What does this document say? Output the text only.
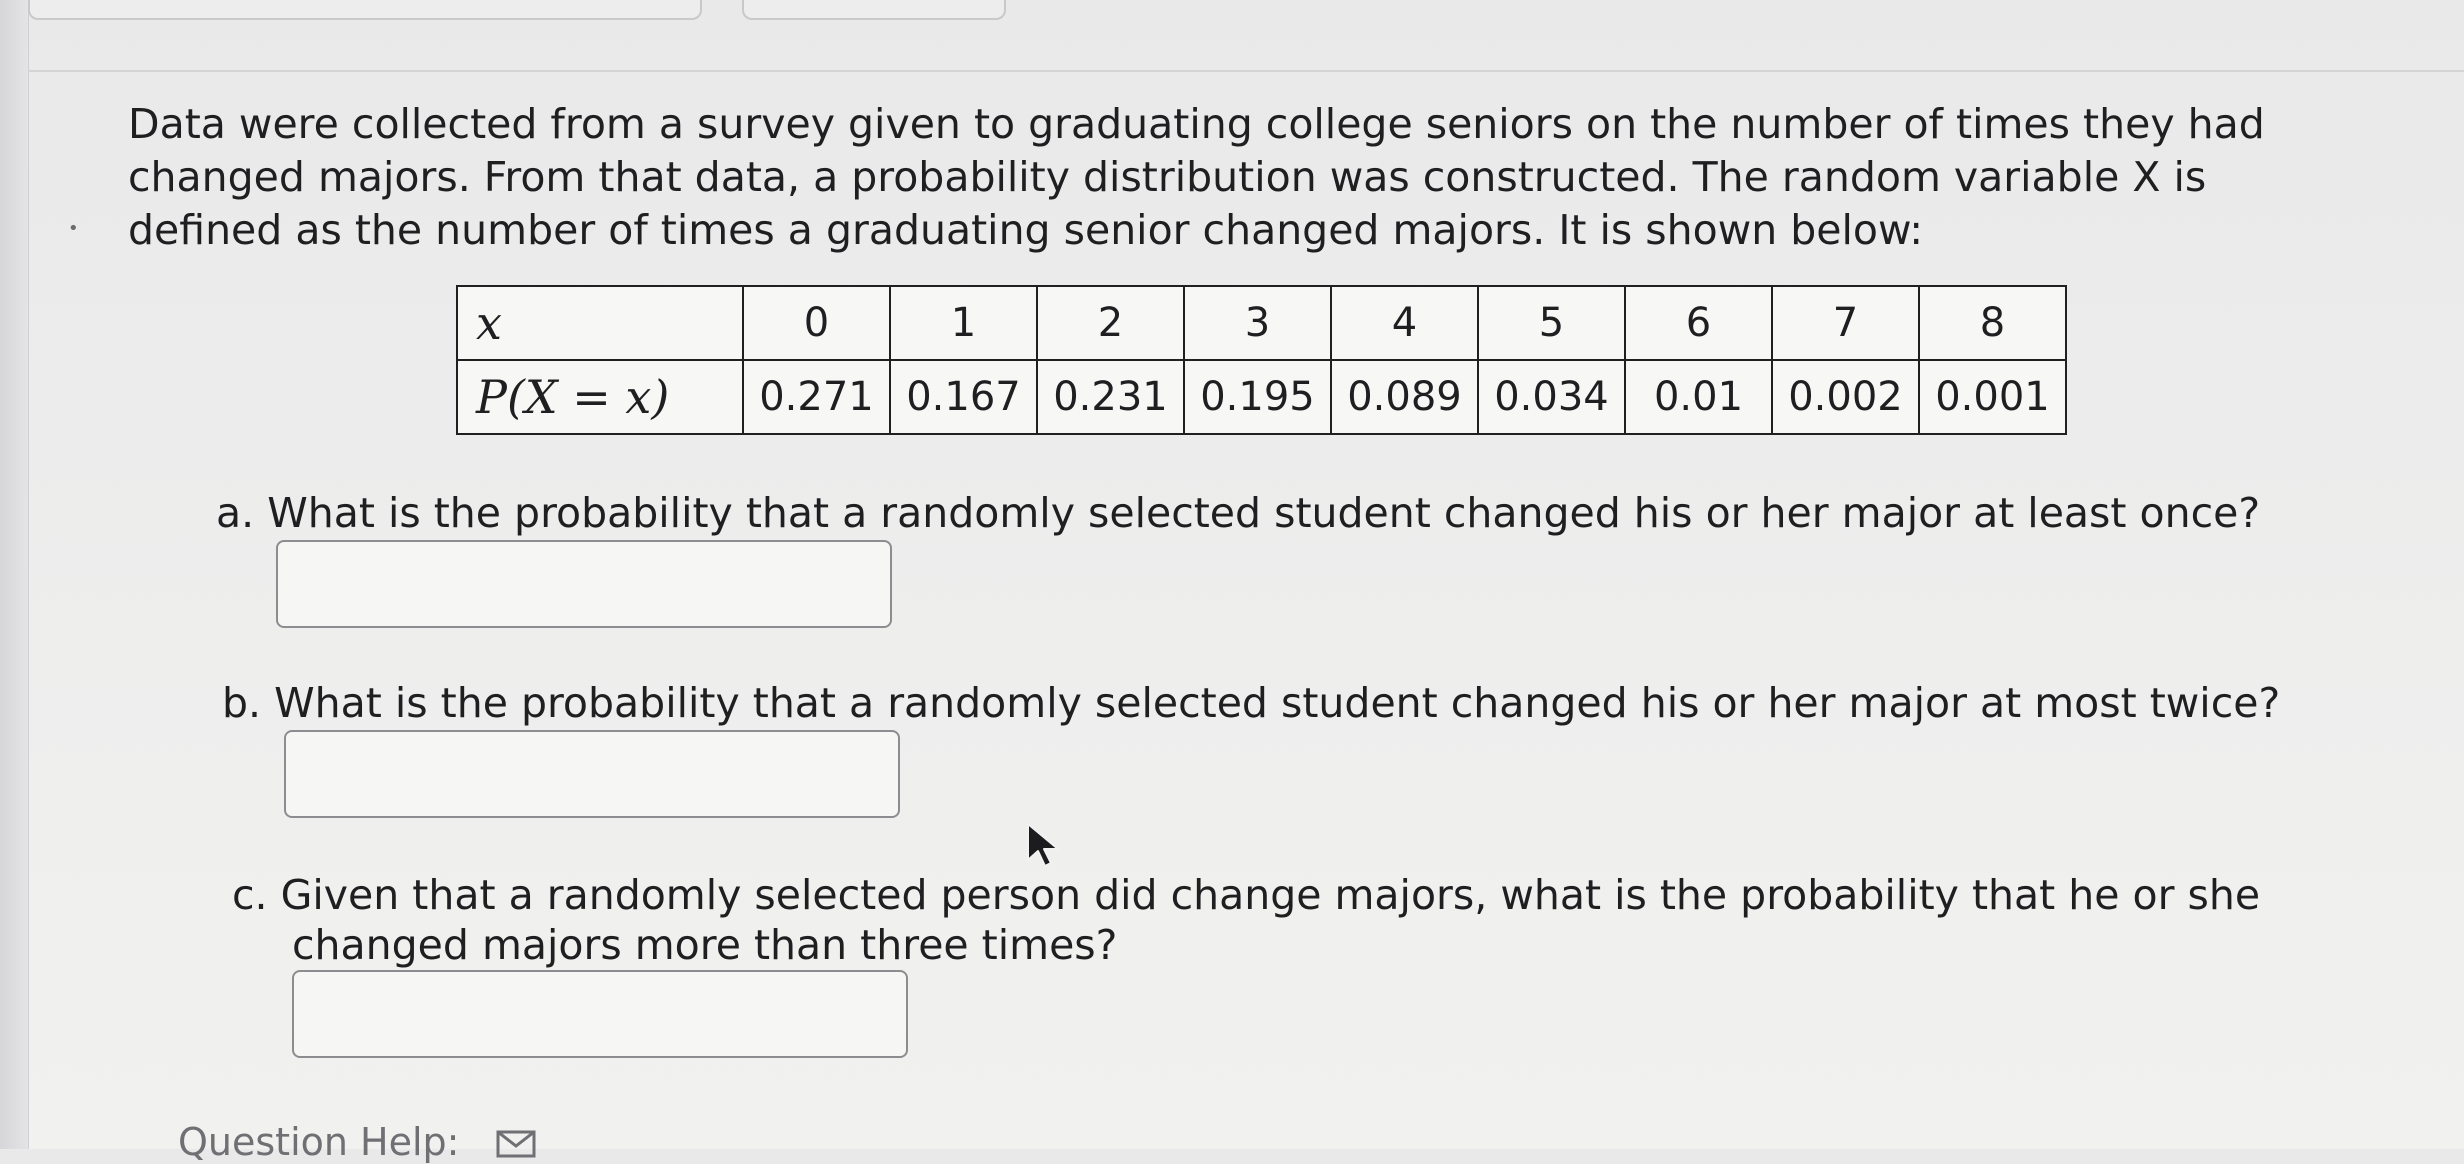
•

Data were collected from a survey given to graduating college seniors on the number of times they had changed majors. From that data, a probability distribution was constructed. The random variable X is defined as the number of times a graduating senior changed majors. It is shown below:

x	0	1	2	3	4	5	6	7	8
P(X = x)	0.271	0.167	0.231	0.195	0.089	0.034	0.01	0.002	0.001

a. What is the probability that a randomly selected student changed his or her major at least once?

b. What is the probability that a randomly selected student changed his or her major at most twice?

c. Given that a randomly selected person did change majors, what is the probability that he or she changed majors more than three times?

Question Help:
